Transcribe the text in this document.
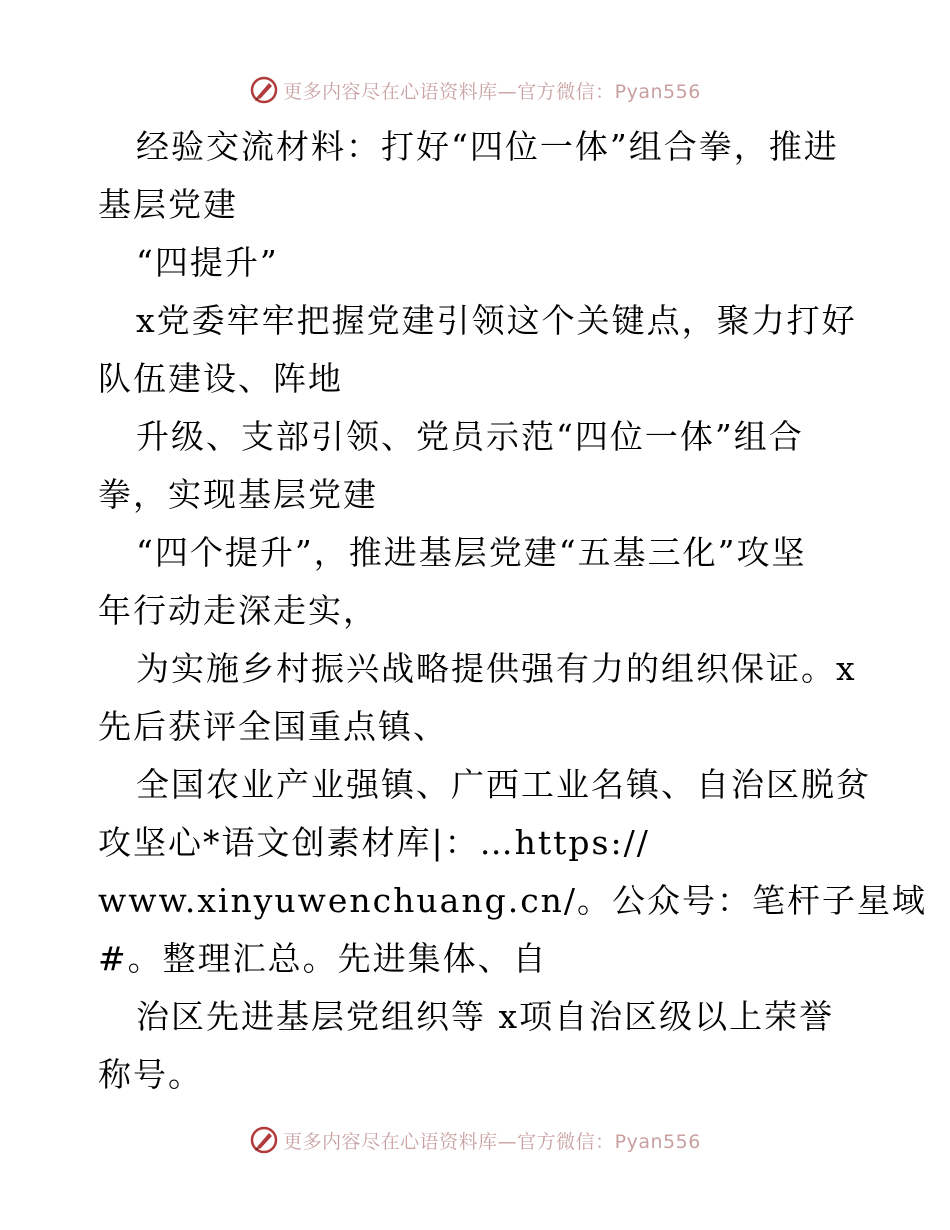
更多内容尽在心语资料库—官方微信：Pyan556

经验交流材料：打好“四位一体”组合拳，推进

基层党建

“四提升”

x党委牢牢把握党建引领这个关键点，聚力打好

队伍建设、阵地

升级、支部引领、党员示范“四位一体”组合

拳，实现基层党建

“四个提升”，推进基层党建“五基三化”攻坚

年行动走深走实，

为实施乡村振兴战略提供强有力的组织保证。x

先后获评全国重点镇、

全国农业产业强镇、广西工业名镇、自治区脱贫

攻坚心*语文创素材库|：…https://

www.xinyuwenchuang.cn/。公众号：笔杆子星域

#。整理汇总。先进集体、自

治区先进基层党组织等 x项自治区级以上荣誉

称号。

更多内容尽在心语资料库—官方微信：Pyan556
